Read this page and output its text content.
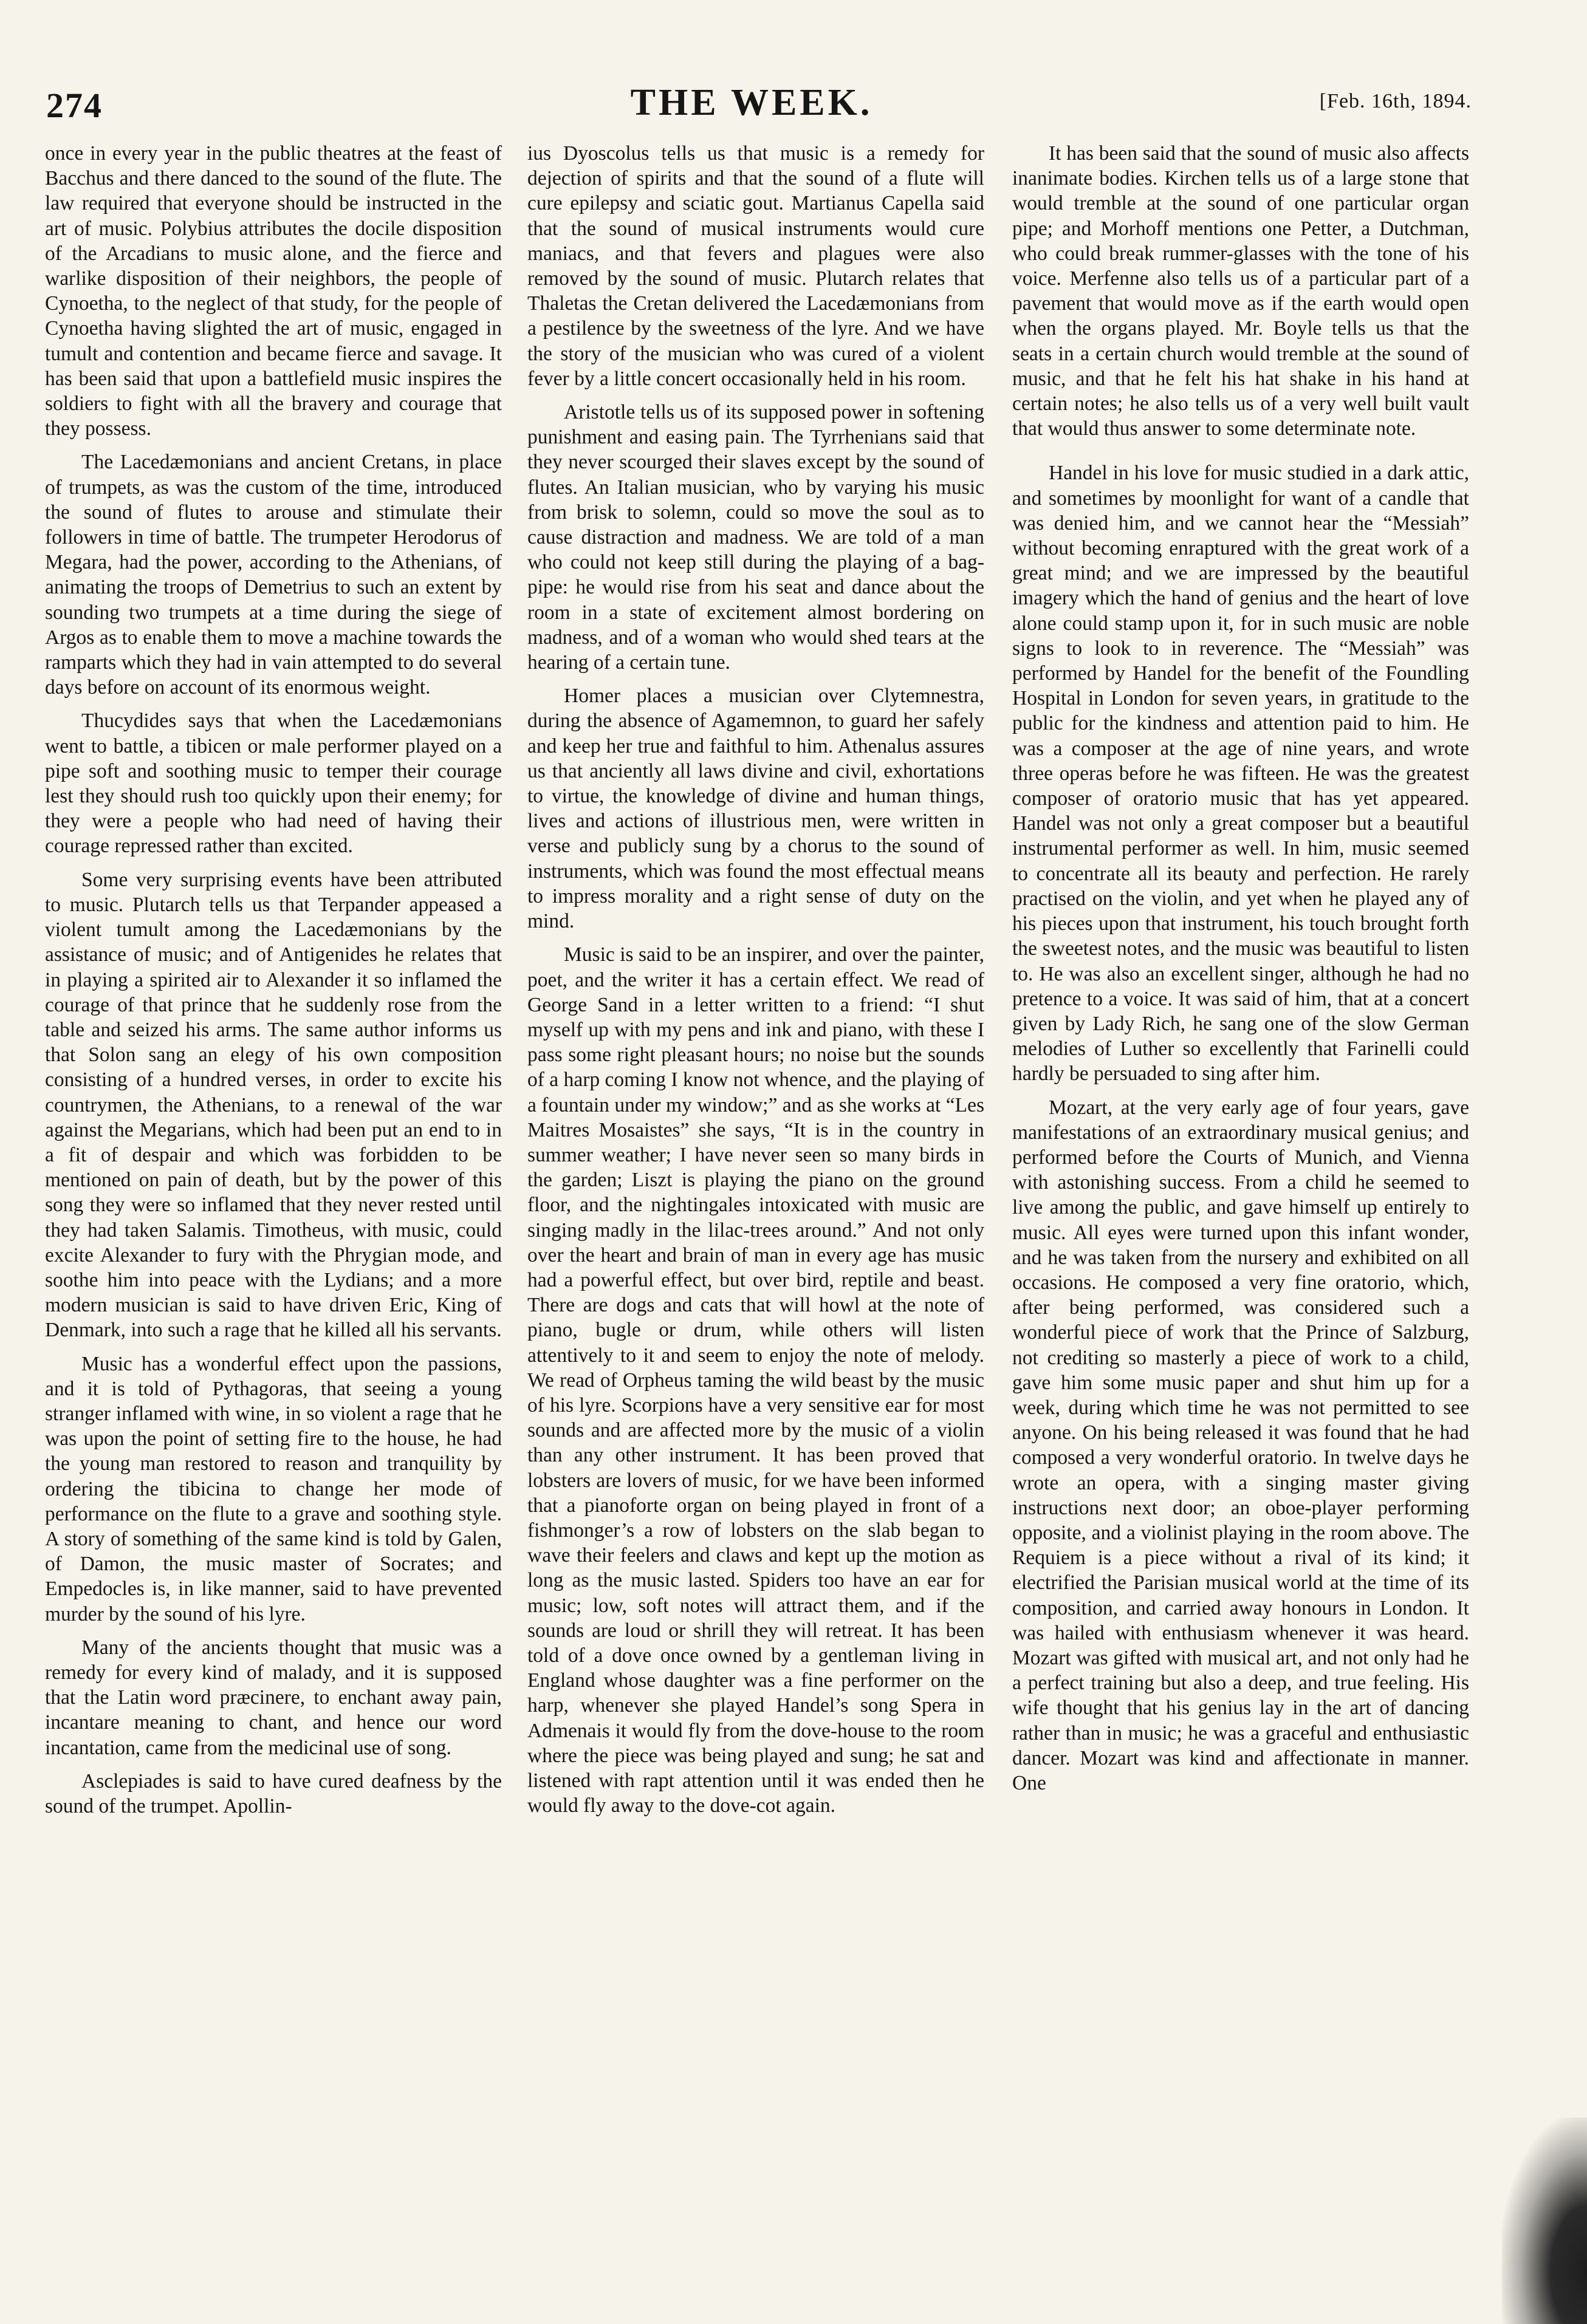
274	THE WEEK.	[Feb. 16th, 1894.

once in every year in the public theatres at the feast of Bacchus and there danced to the sound of the flute. The law required that everyone should be instructed in the art of music. Polybius attributes the docile disposition of the Arcadians to music alone, and the fierce and warlike disposition of their neighbors, the people of Cynoetha, to the neglect of that study, for the people of Cynoetha having slighted the art of music, engaged in tumult and contention and became fierce and savage. It has been said that upon a battlefield music inspires the soldiers to fight with all the bravery and courage that they possess.

The Lacedæmonians and ancient Cretans, in place of trumpets, as was the custom of the time, introduced the sound of flutes to arouse and stimulate their followers in time of battle. The trumpeter Herodorus of Megara, had the power, according to the Athenians, of animating the troops of Demetrius to such an extent by sounding two trumpets at a time during the siege of Argos as to enable them to move a machine towards the ramparts which they had in vain attempted to do several days before on account of its enormous weight.

Thucydides says that when the Lacedæmonians went to battle, a tibicen or male performer played on a pipe soft and soothing music to temper their courage lest they should rush too quickly upon their enemy; for they were a people who had need of having their courage repressed rather than excited.

Some very surprising events have been attributed to music. Plutarch tells us that Terpander appeased a violent tumult among the Lacedæmonians by the assistance of music; and of Antigenides he relates that in playing a spirited air to Alexander it so inflamed the courage of that prince that he suddenly rose from the table and seized his arms. The same author informs us that Solon sang an elegy of his own composition consisting of a hundred verses, in order to excite his countrymen, the Athenians, to a renewal of the war against the Megarians, which had been put an end to in a fit of despair and which was forbidden to be mentioned on pain of death, but by the power of this song they were so inflamed that they never rested until they had taken Salamis. Timotheus, with music, could excite Alexander to fury with the Phrygian mode, and soothe him into peace with the Lydians; and a more modern musician is said to have driven Eric, King of Denmark, into such a rage that he killed all his servants.

Music has a wonderful effect upon the passions, and it is told of Pythagoras, that seeing a young stranger inflamed with wine, in so violent a rage that he was upon the point of setting fire to the house, he had the young man restored to reason and tranquility by ordering the tibicina to change her mode of performance on the flute to a grave and soothing style. A story of something of the same kind is told by Galen, of Damon, the music master of Socrates; and Empedocles is, in like manner, said to have prevented murder by the sound of his lyre.

Many of the ancients thought that music was a remedy for every kind of malady, and it is supposed that the Latin word præcinere, to enchant away pain, incantare meaning to chant, and hence our word incantation, came from the medicinal use of song.

Asclepiades is said to have cured deafness by the sound of the trumpet. Apollin-

ius Dyoscolus tells us that music is a remedy for dejection of spirits and that the sound of a flute will cure epilepsy and sciatic gout. Martianus Capella said that the sound of musical instruments would cure maniacs, and that fevers and plagues were also removed by the sound of music. Plutarch relates that Thaletas the Cretan delivered the Lacedæmonians from a pestilence by the sweetness of the lyre. And we have the story of the musician who was cured of a violent fever by a little concert occasionally held in his room.

Aristotle tells us of its supposed power in softening punishment and easing pain. The Tyrrhenians said that they never scourged their slaves except by the sound of flutes. An Italian musician, who by varying his music from brisk to solemn, could so move the soul as to cause distraction and madness. We are told of a man who could not keep still during the playing of a bag-pipe: he would rise from his seat and dance about the room in a state of excitement almost bordering on madness, and of a woman who would shed tears at the hearing of a certain tune.

Homer places a musician over Clytemnestra, during the absence of Agamemnon, to guard her safely and keep her true and faithful to him. Athenalus assures us that anciently all laws divine and civil, exhortations to virtue, the knowledge of divine and human things, lives and actions of illustrious men, were written in verse and publicly sung by a chorus to the sound of instruments, which was found the most effectual means to impress morality and a right sense of duty on the mind.

Music is said to be an inspirer, and over the painter, poet, and the writer it has a certain effect. We read of George Sand in a letter written to a friend: “I shut myself up with my pens and ink and piano, with these I pass some right pleasant hours; no noise but the sounds of a harp coming I know not whence, and the playing of a fountain under my window;” and as she works at “Les Maitres Mosaistes” she says, “It is in the country in summer weather; I have never seen so many birds in the garden; Liszt is playing the piano on the ground floor, and the nightingales intoxicated with music are singing madly in the lilac-trees around.” And not only over the heart and brain of man in every age has music had a powerful effect, but over bird, reptile and beast. There are dogs and cats that will howl at the note of piano, bugle or drum, while others will listen attentively to it and seem to enjoy the note of melody. We read of Orpheus taming the wild beast by the music of his lyre. Scorpions have a very sensitive ear for most sounds and are affected more by the music of a violin than any other instrument. It has been proved that lobsters are lovers of music, for we have been informed that a pianoforte organ on being played in front of a fishmonger’s a row of lobsters on the slab began to wave their feelers and claws and kept up the motion as long as the music lasted. Spiders too have an ear for music; low, soft notes will attract them, and if the sounds are loud or shrill they will retreat. It has been told of a dove once owned by a gentleman living in England whose daughter was a fine performer on the harp, whenever she played Handel’s song Spera in Admenais it would fly from the dove-house to the room where the piece was being played and sung; he sat and listened with rapt attention until it was ended then he would fly away to the dove-cot again.

It has been said that the sound of music also affects inanimate bodies. Kirchen tells us of a large stone that would tremble at the sound of one particular organ pipe; and Morhoff mentions one Petter, a Dutchman, who could break rummer-glasses with the tone of his voice. Merfenne also tells us of a particular part of a pavement that would move as if the earth would open when the organs played. Mr. Boyle tells us that the seats in a certain church would tremble at the sound of music, and that he felt his hat shake in his hand at certain notes; he also tells us of a very well built vault that would thus answer to some determinate note.

Handel in his love for music studied in a dark attic, and sometimes by moonlight for want of a candle that was denied him, and we cannot hear the “Messiah” without becoming enraptured with the great work of a great mind; and we are impressed by the beautiful imagery which the hand of genius and the heart of love alone could stamp upon it, for in such music are noble signs to look to in reverence. The “Messiah” was performed by Handel for the benefit of the Foundling Hospital in London for seven years, in gratitude to the public for the kindness and attention paid to him. He was a composer at the age of nine years, and wrote three operas before he was fifteen. He was the greatest composer of oratorio music that has yet appeared. Handel was not only a great composer but a beautiful instrumental performer as well. In him, music seemed to concentrate all its beauty and perfection. He rarely practised on the violin, and yet when he played any of his pieces upon that instrument, his touch brought forth the sweetest notes, and the music was beautiful to listen to. He was also an excellent singer, although he had no pretence to a voice. It was said of him, that at a concert given by Lady Rich, he sang one of the slow German melodies of Luther so excellently that Farinelli could hardly be persuaded to sing after him.

Mozart, at the very early age of four years, gave manifestations of an extraordinary musical genius; and performed before the Courts of Munich, and Vienna with astonishing success. From a child he seemed to live among the public, and gave himself up entirely to music. All eyes were turned upon this infant wonder, and he was taken from the nursery and exhibited on all occasions. He composed a very fine oratorio, which, after being performed, was considered such a wonderful piece of work that the Prince of Salzburg, not crediting so masterly a piece of work to a child, gave him some music paper and shut him up for a week, during which time he was not permitted to see anyone. On his being released it was found that he had composed a very wonderful oratorio. In twelve days he wrote an opera, with a singing master giving instructions next door; an oboe-player performing opposite, and a violinist playing in the room above. The Requiem is a piece without a rival of its kind; it electrified the Parisian musical world at the time of its composition, and carried away honours in London. It was hailed with enthusiasm whenever it was heard. Mozart was gifted with musical art, and not only had he a perfect training but also a deep, and true feeling. His wife thought that his genius lay in the art of dancing rather than in music; he was a graceful and enthusiastic dancer. Mozart was kind and affectionate in manner. One
